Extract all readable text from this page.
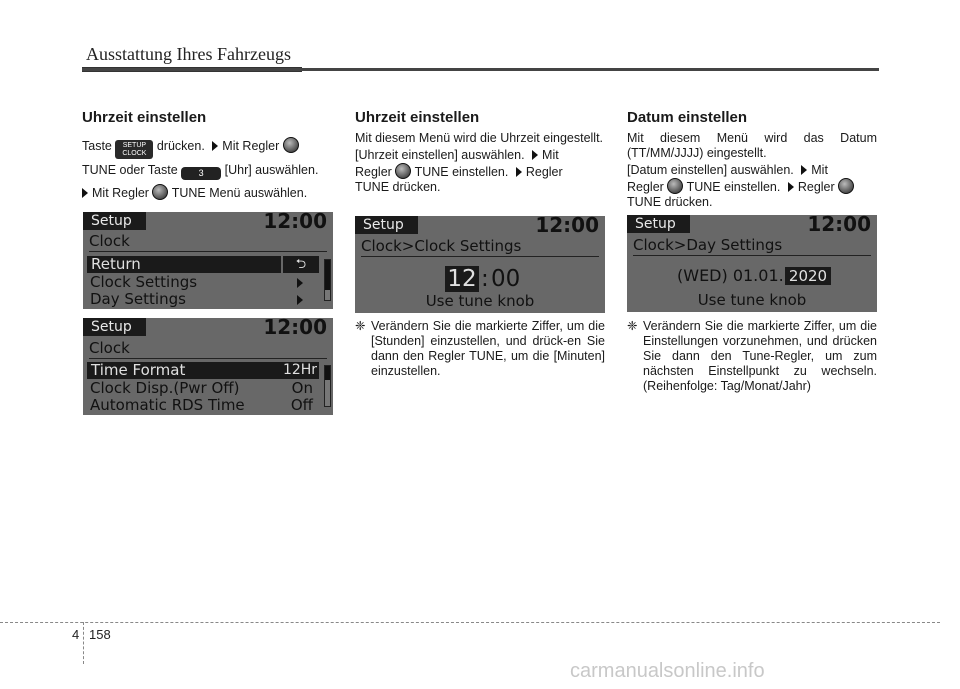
Ausstattung Ihres Fahrzeugs
Uhrzeit einstellen

Taste SETUP
CLOCK drücken. Mit Regler

TUNE oder Taste 3 [Uhr] auswählen.

Mit Regler TUNE Menü auswählen.

Setup	12:00
Clock
Return	⮌
Clock Settings
Day Settings
Setup	12:00
Clock
Time Format	12Hr
Clock Disp.(Pwr Off)	On
Automatic RDS Time	Off
Uhrzeit einstellen

Mit diesem Menü wird die Uhrzeit eingestellt.

[Uhrzeit einstellen] auswählen. Mit
Regler TUNE einstellen. Regler
TUNE drücken.

Setup	12:00
Clock>Clock Settings
12 : 00
Use tune knob
❈ Verändern Sie die markierte Ziffer, um die [Stunden] einzustellen, und drück-en Sie dann den Regler TUNE, um die [Minuten] einzustellen.

Datum einstellen

Mit diesem Menü wird das Datum (TT/MM/JJJJ) eingestellt.

[Datum einstellen] auswählen. Mit
Regler TUNE einstellen. Regler
TUNE drücken.

Setup	12:00
Clock>Day Settings
(WED) 01.01. 2020
Use tune knob
❈ Verändern Sie die markierte Ziffer, um die Einstellungen vorzunehmen, und drücken Sie dann den Tune-Regler, um zum nächsten Einstellpunkt zu wechseln. (Reihenfolge: Tag/Monat/Jahr)

4 158
carmanualsonline.info
